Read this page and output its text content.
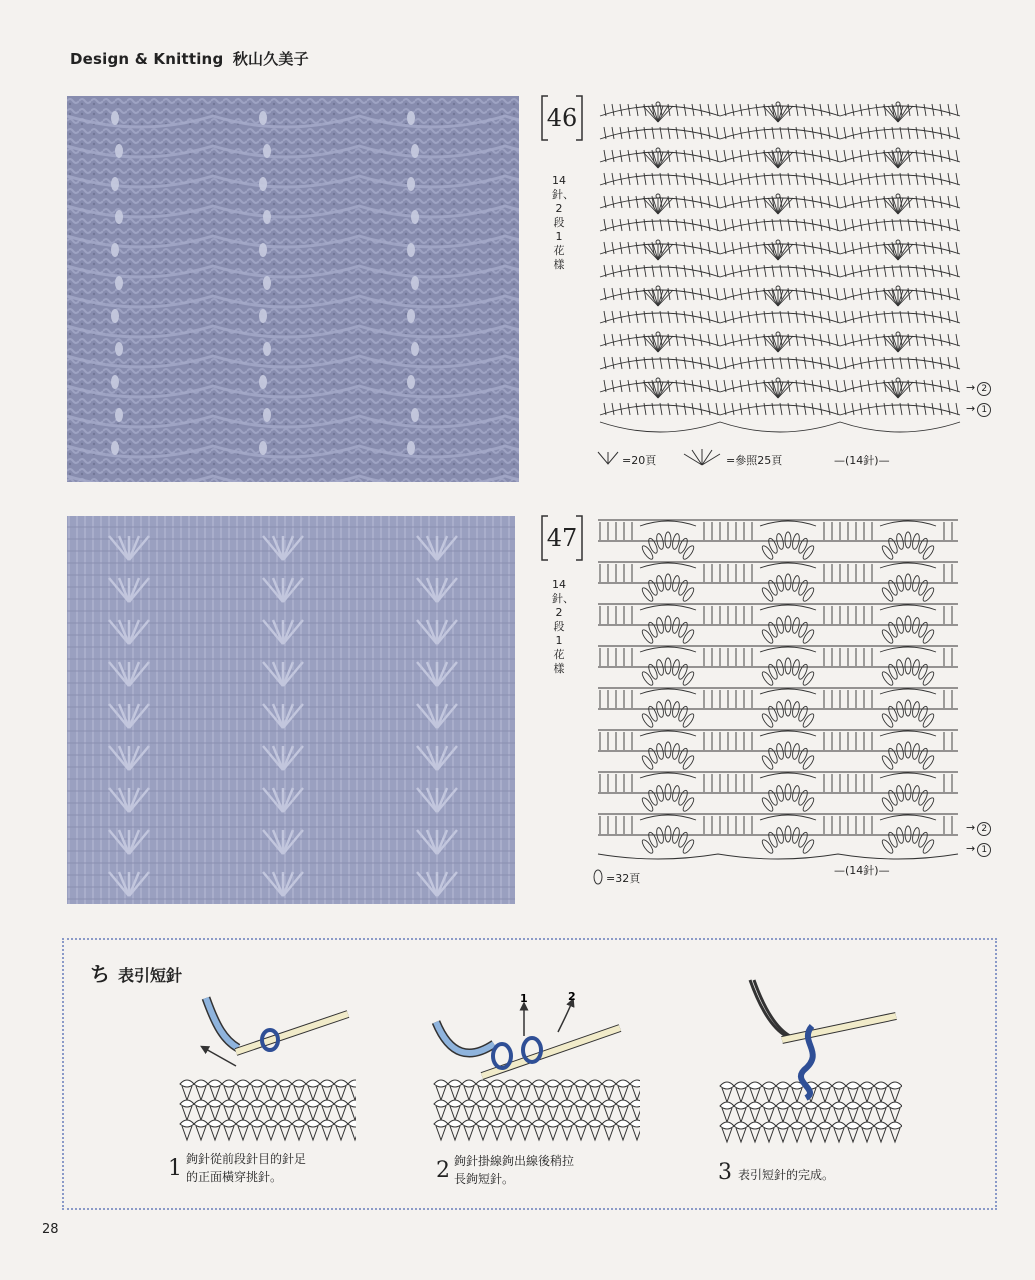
Design & Knitting 秋山久美子
46
14針、2段1花樣
→ 2
→ 1
=20頁	=參照25頁	—(14針)—
47
14針、2段1花樣
→ 2
→ 1
=32頁
—(14針)—
ち 表引短針
1	2
1 鉤針從前段針目的針足
的正面橫穿挑針。	2 鉤針掛線鉤出線後稍拉
長鉤短針。	3 表引短針的完成。
28
